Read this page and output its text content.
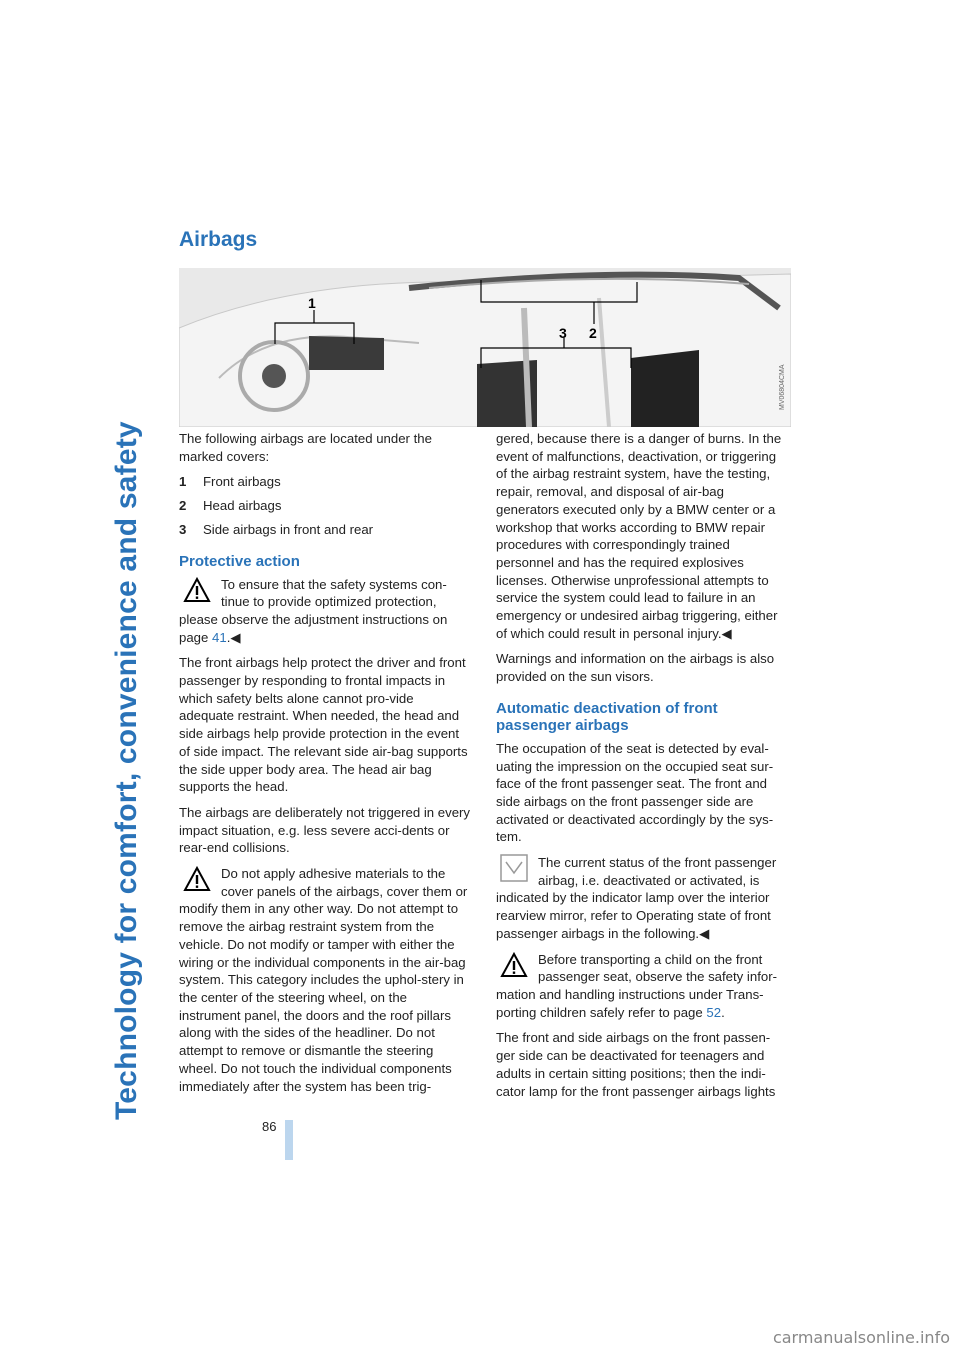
Technology for comfort, convenience and safety
Airbags
1
3 2

The following airbags are located under the marked covers:

1 Front airbags
2 Head airbags
3 Side airbags in front and rear
Protective action

To ensure that the safety systems con-tinue to provide optimized protection, please observe the adjustment instructions on page 41.◀

The front airbags help protect the driver and front passenger by responding to frontal impacts in which safety belts alone cannot pro-vide adequate restraint. When needed, the head and side airbags help provide protection in the event of side impact. The relevant side air-bag supports the side upper body area. The head air bag supports the head.

The airbags are deliberately not triggered in every impact situation, e.g. less severe acci-dents or rear-end collisions.

Do not apply adhesive materials to the cover panels of the airbags, cover them or modify them in any other way. Do not attempt to remove the airbag restraint system from the vehicle. Do not modify or tamper with either the wiring or the individual components in the air-bag system. This category includes the uphol-stery in the center of the steering wheel, on the instrument panel, the doors and the roof pillars along with the sides of the headliner. Do not attempt to remove or dismantle the steering wheel. Do not touch the individual components immediately after the system has been trig-

gered, because there is a danger of burns. In the event of malfunctions, deactivation, or triggering of the airbag restraint system, have the testing, repair, removal, and disposal of air-bag generators executed only by a BMW center or a workshop that works according to BMW repair procedures with correspondingly trained personnel and has the required explosives licenses. Otherwise unprofessional attempts to service the system could lead to failure in an emergency or undesired airbag triggering, either of which could result in personal injury.◀

Warnings and information on the airbags is also provided on the sun visors.

Automatic deactivation of front passenger airbags

The occupation of the seat is detected by eval-uating the impression on the occupied seat sur-face of the front passenger seat. The front and side airbags on the front passenger side are activated or deactivated accordingly by the sys-tem.

The current status of the front passenger airbag, i.e. deactivated or activated, is indicated by the indicator lamp over the interior rearview mirror, refer to Operating state of front passenger airbags in the following.◀

Before transporting a child on the front passenger seat, observe the safety infor-mation and handling instructions under Trans-porting children safely refer to page 52.

The front and side airbags on the front passen-ger side can be deactivated for teenagers and adults in certain sitting positions; then the indi-cator lamp for the front passenger airbags lights

MV06804CMA
86
carmanualsonline.info
